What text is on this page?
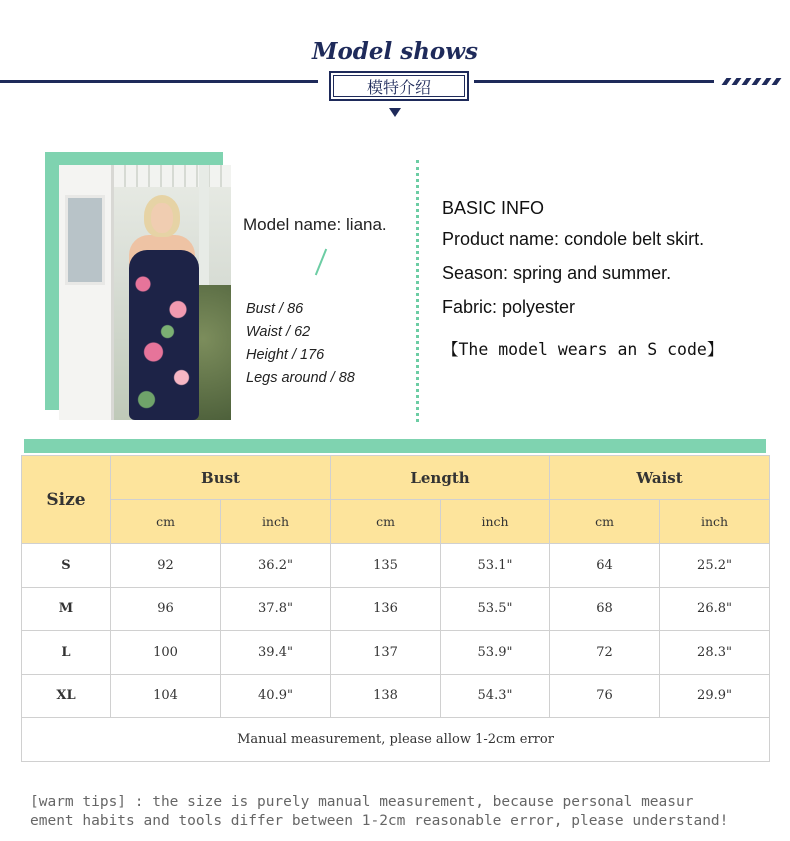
Model shows
模特介绍
Model name: liana.
Bust / 86
Waist / 62
Height / 176
Legs around / 88
BASIC INFO
Product name: condole belt skirt.
Season: spring and summer.
Fabric: polyester
【The model wears an S code】
Size	Bust		Length		Waist	
	cm	inch	cm	inch	cm	inch
S	92	36.2"	135	53.1"	64	25.2"
M	96	37.8"	136	53.5"	68	26.8"
L	100	39.4"	137	53.9"	72	28.3"
XL	104	40.9"	138	54.3"	76	29.9"
Manual measurement, please allow 1-2cm error						
[warm tips] : the size is purely manual measurement, because personal measur
ement habits and tools differ between 1-2cm reasonable error, please understand!
